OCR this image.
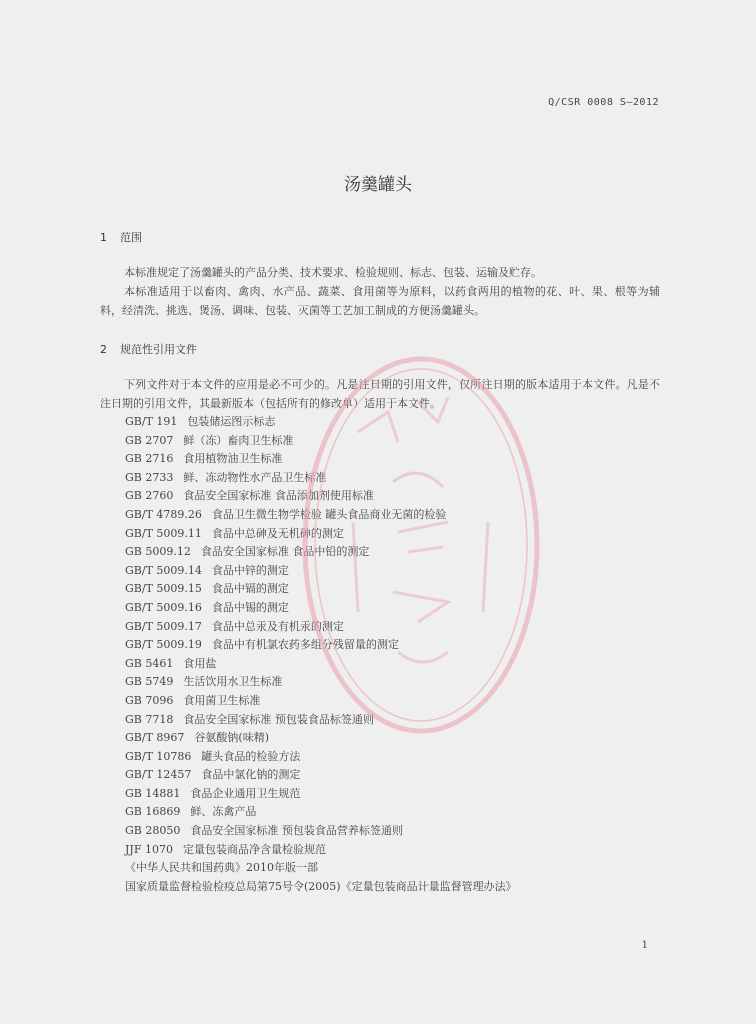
Q/CSR 0008 S—2012
汤羹罐头
1 范围

本标准规定了汤羹罐头的产品分类、技术要求、检验规则、标志、包装、运输及贮存。

本标准适用于以畜肉、禽肉、水产品、蔬菜、食用菌等为原料，以药食两用的植物的花、叶、果、根等为辅料，经清洗、挑选、煲汤、调味、包装、灭菌等工艺加工制成的方便汤羹罐头。

2 规范性引用文件

下列文件对于本文件的应用是必不可少的。凡是注日期的引用文件，仅所注日期的版本适用于本文件。凡是不注日期的引用文件，其最新版本（包括所有的修改单）适用于本文件。

GB/T 191 包装储运图示标志
GB 2707 鲜（冻）畜肉卫生标准
GB 2716 食用植物油卫生标准
GB 2733 鲜、冻动物性水产品卫生标准
GB 2760 食品安全国家标准 食品添加剂使用标准
GB/T 4789.26 食品卫生微生物学检验 罐头食品商业无菌的检验
GB/T 5009.11 食品中总砷及无机砷的测定
GB 5009.12 食品安全国家标准 食品中铅的测定
GB/T 5009.14 食品中锌的测定
GB/T 5009.15 食品中镉的测定
GB/T 5009.16 食品中锡的测定
GB/T 5009.17 食品中总汞及有机汞的测定
GB/T 5009.19 食品中有机氯农药多组分残留量的测定
GB 5461 食用盐
GB 5749 生活饮用水卫生标准
GB 7096 食用菌卫生标准
GB 7718 食品安全国家标准 预包装食品标签通则
GB/T 8967 谷氨酸钠(味精)
GB/T 10786 罐头食品的检验方法
GB/T 12457 食品中氯化钠的测定
GB 14881 食品企业通用卫生规范
GB 16869 鲜、冻禽产品
GB 28050 食品安全国家标准 预包装食品营养标签通则
JJF 1070 定量包装商品净含量检验规范
《中华人民共和国药典》2010年版一部
国家质量监督检验检疫总局第75号令(2005)《定量包装商品计量监督管理办法》
1
